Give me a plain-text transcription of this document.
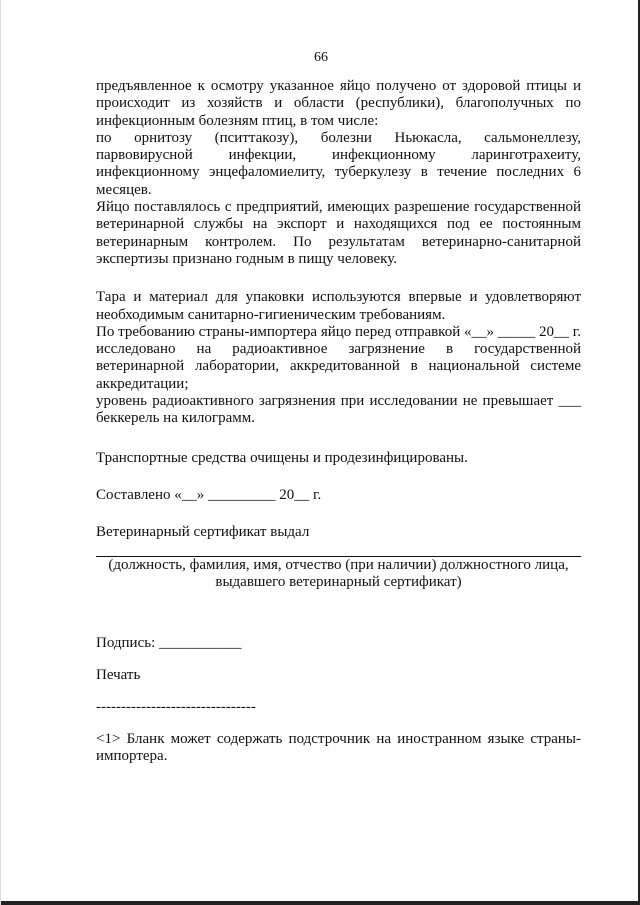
66

предъявленное к осмотру указанное яйцо получено от здоровой птицы и

происходит из хозяйств и области (республики), благополучных по

инфекционным болезням птиц, в том числе:

по орнитозу (пситтакозу), болезни Ньюкасла, сальмонеллезу,

парвовирусной инфекции, инфекционному ларинготрахеиту,

инфекционному энцефаломиелиту, туберкулезу в течение последних 6

месяцев.

Яйцо поставлялось с предприятий, имеющих разрешение государственной

ветеринарной службы на экспорт и находящихся под ее постоянным

ветеринарным контролем. По результатам ветеринарно-санитарной

экспертизы признано годным в пищу человеку.

Тара и материал для упаковки используются впервые и удовлетворяют

необходимым санитарно-гигиеническим требованиям.

По требованию страны-импортера яйцо перед отправкой «__» _____ 20__ г.

исследовано на радиоактивное загрязнение в государственной

ветеринарной лаборатории, аккредитованной в национальной системе

аккредитации;

уровень радиоактивного загрязнения при исследовании не превышает ___

беккерель на килограмм.

Транспортные средства очищены и продезинфицированы.

Составлено «__» _________ 20__ г.

Ветеринарный сертификат выдал

(должность, фамилия, имя, отчество (при наличии) должностного лица,

выдавшего ветеринарный сертификат)

Подпись: ___________

Печать

--------------------------------

<1> Бланк может содержать подстрочник на иностранном языке страны-

импортера.
